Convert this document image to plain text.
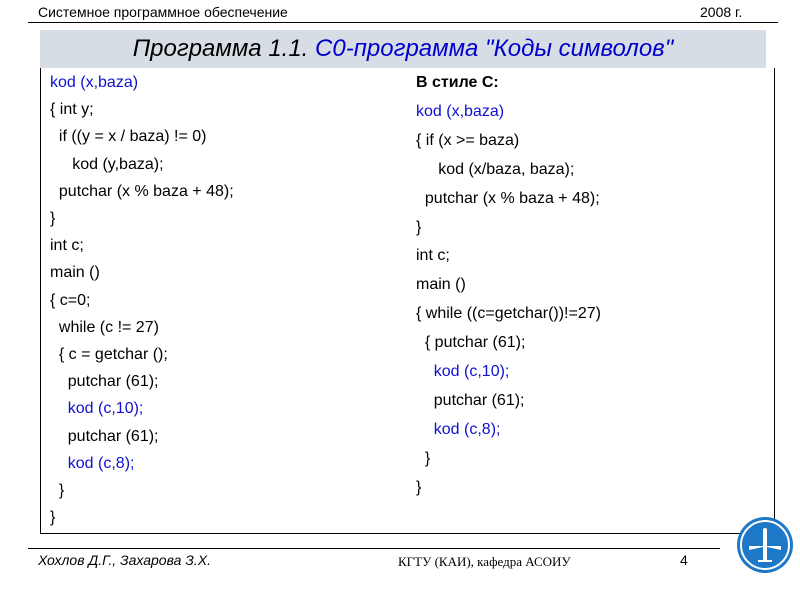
Системное программное обеспечение	2008 г.
Программа 1.1. С0-программа "Коды символов"
kod (x,baza)
{ int y;
if ((y = x / baza) != 0)
kod (y,baza);
putchar (x % baza + 48);
}
int c;
main ()
{ c=0;
while (c != 27)
{ c = getchar ();
putchar (61);
kod (c,10);
putchar (61);
kod (c,8);
}
}
В стиле С:
kod (x,baza)
{ if (x >= baza)
kod (x/baza, baza);
putchar (x % baza + 48);
}
int c;
main ()
{ while ((c=getchar())!=27)
{ putchar (61);
kod (c,10);
putchar (61);
kod (c,8);
}
}
Хохлов Д.Г., Захарова З.Х.	КГТУ (КАИ), кафедра АСОИУ	4
